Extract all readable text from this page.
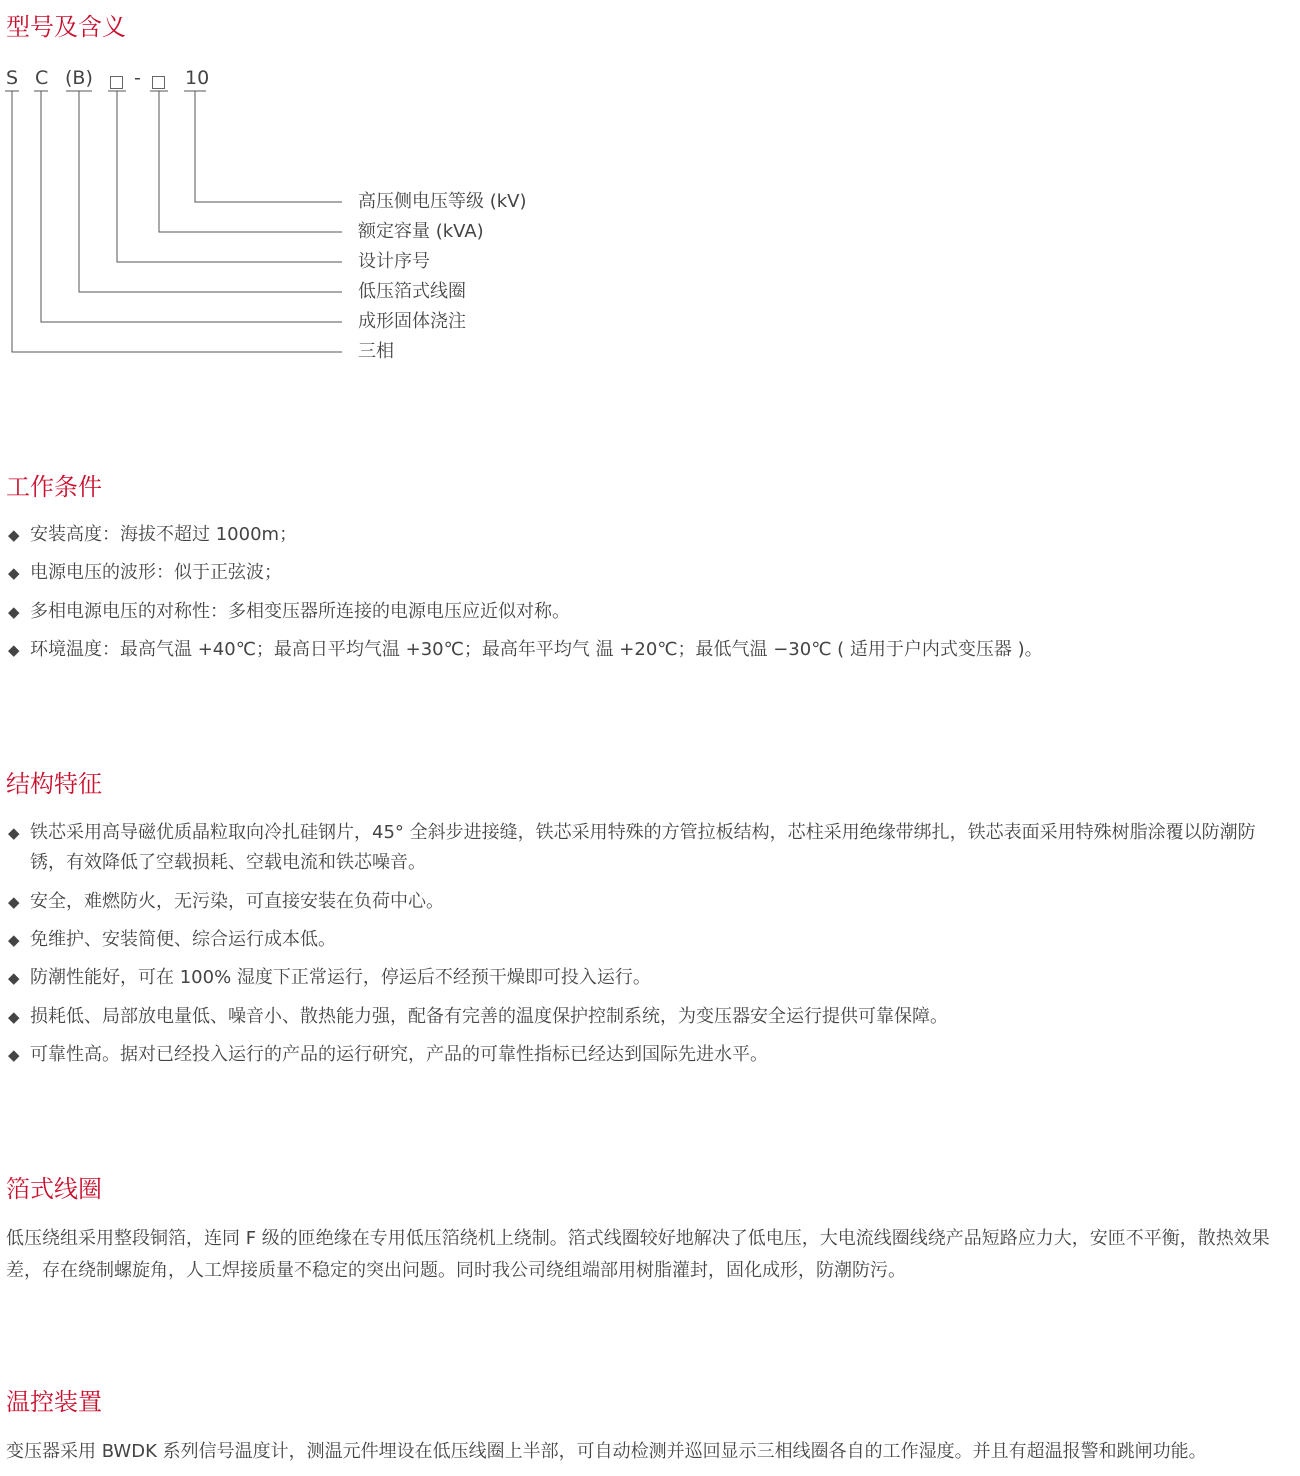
型号及含义
S C (B) - 10
高压侧电压等级 (kV)
额定容量 (kVA)
设计序号
低压箔式线圈
成形固体浇注
三相
工作条件
◆ 安装高度：海拔不超过 1000m；
◆ 电源电压的波形：似于正弦波；
◆ 多相电源电压的对称性：多相变压器所连接的电源电压应近似对称。
◆ 环境温度：最高气温 +40℃；最高日平均气温 +30℃；最高年平均气 温 +20℃；最低气温 −30℃ ( 适用于户内式变压器 )。
结构特征
◆ 铁芯采用高导磁优质晶粒取向冷扎硅钢片，45° 全斜步进接缝，铁芯采用特殊的方管拉板结构，芯柱采用绝缘带绑扎，铁芯表面采用特殊树脂涂覆以防潮防锈，有效降低了空载损耗、空载电流和铁芯噪音。
◆ 安全，难燃防火，无污染，可直接安装在负荷中心。
◆ 免维护、安装简便、综合运行成本低。
◆ 防潮性能好，可在 100% 湿度下正常运行，停运后不经预干燥即可投入运行。
◆ 损耗低、局部放电量低、噪音小、散热能力强，配备有完善的温度保护控制系统，为变压器安全运行提供可靠保障。
◆ 可靠性高。据对已经投入运行的产品的运行研究，产品的可靠性指标已经达到国际先进水平。
箔式线圈

低压绕组采用整段铜箔，连同 F 级的匝绝缘在专用低压箔绕机上绕制。箔式线圈较好地解决了低电压，大电流线圈线绕产品短路应力大，安匝不平衡，散热效果差，存在绕制螺旋角，人工焊接质量不稳定的突出问题。同时我公司绕组端部用树脂灌封，固化成形，防潮防污。

温控装置

变压器采用 BWDK 系列信号温度计，测温元件埋设在低压线圈上半部，可自动检测并巡回显示三相线圈各自的工作湿度。并且有超温报警和跳闸功能。
